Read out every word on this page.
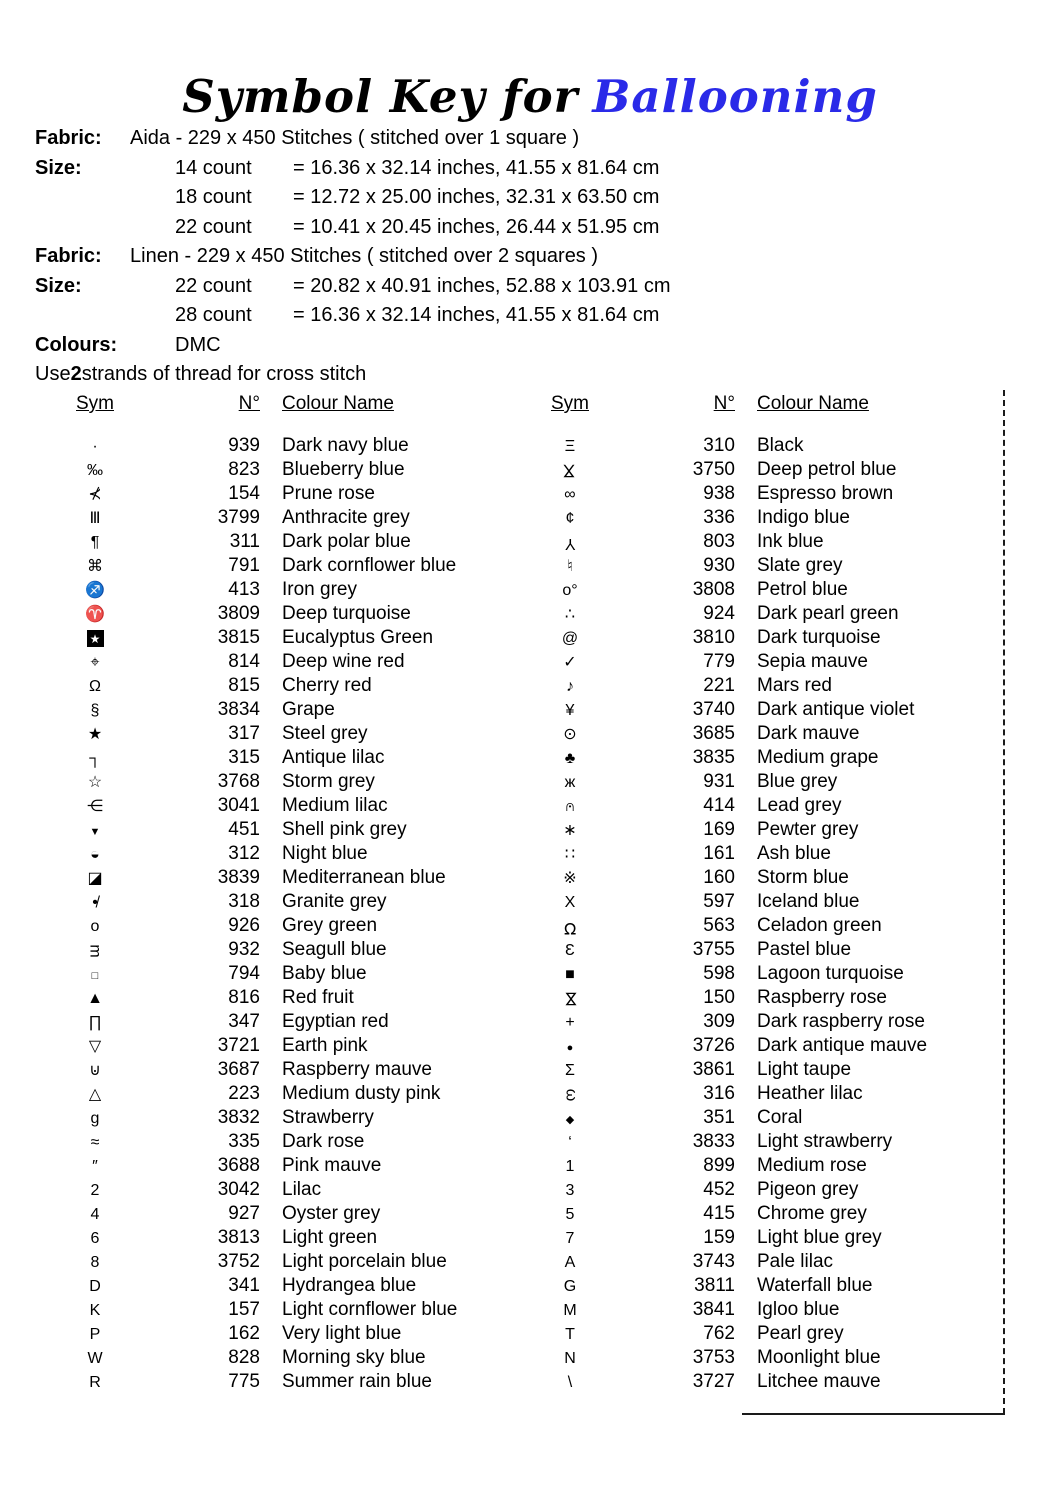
Symbol Key for Ballooning
Fabric:	Aida - 229 x 450 Stitches ( stitched over 1 square )
Size:	14 count	= 16.36 x 32.14 inches, 41.55 x 81.64 cm
18 count	= 12.72 x 25.00 inches, 32.31 x 63.50 cm
22 count	= 10.41 x 20.45 inches, 26.44 x 51.95 cm
Fabric:	Linen - 229 x 450 Stitches ( stitched over 2 squares )
Size:	22 count	= 20.82 x 40.91 inches, 52.88 x 103.91 cm
28 count	= 16.36 x 32.14 inches, 41.55 x 81.64 cm
Colours:	DMC
Use 2 strands of thread for cross stitch
Sym	N°	Colour Name
·	939	Dark navy blue
‰	823	Blueberry blue
⊀	154	Prune rose
Ⅲ	3799	Anthracite grey
¶	311	Dark polar blue
⌘	791	Dark cornflower blue
♐	413	Iron grey
♈	3809	Deep turquoise
★	3815	Eucalyptus Green
⌖	814	Deep wine red
Ω	815	Cherry red
§	3834	Grape
★	317	Steel grey
┐	315	Antique lilac
☆	3768	Storm grey
⋲	3041	Medium lilac
▼	451	Shell pink grey
◒	312	Night blue
◪	3839	Mediterranean blue
•̸	318	Granite grey
o	926	Grey green
m	932	Seagull blue
□	794	Baby blue
▲	816	Red fruit
∏	347	Egyptian red
▽	3721	Earth pink
⊍	3687	Raspberry mauve
△	223	Medium dusty pink
g	3832	Strawberry
≈	335	Dark rose
″	3688	Pink mauve
2	3042	Lilac
4	927	Oyster grey
6	3813	Light green
8	3752	Light porcelain blue
D	341	Hydrangea blue
K	157	Light cornflower blue
P	162	Very light blue
W	828	Morning sky blue
R	775	Summer rain blue
Sym	N°	Colour Name
Ξ	310	Black
⋉	3750	Deep petrol blue
∞	938	Espresso brown
¢	336	Indigo blue
Y	803	Ink blue
♮	930	Slate grey
o°	3808	Petrol blue
∴	924	Dark pearl green
@	3810	Dark turquoise
✓	779	Sepia mauve
♪	221	Mars red
¥	3740	Dark antique violet
⊙	3685	Dark mauve
♣	3835	Medium grape
ж	931	Blue grey
∩ •	414	Lead grey
∗	169	Pewter grey
∷	161	Ash blue
※	160	Storm blue
X	597	Iceland blue
℧	563	Celadon green
Ɛ	3755	Pastel blue
■	598	Lagoon turquoise
⋈	150	Raspberry rose
+	309	Dark raspberry rose
●	3726	Dark antique mauve
Σ	3861	Light taupe
ω	316	Heather lilac
◆	351	Coral
‘	3833	Light strawberry
1	899	Medium rose
3	452	Pigeon grey
5	415	Chrome grey
7	159	Light blue grey
A	3743	Pale lilac
G	3811	Waterfall blue
M	3841	Igloo blue
T	762	Pearl grey
N	3753	Moonlight blue
\	3727	Litchee mauve
